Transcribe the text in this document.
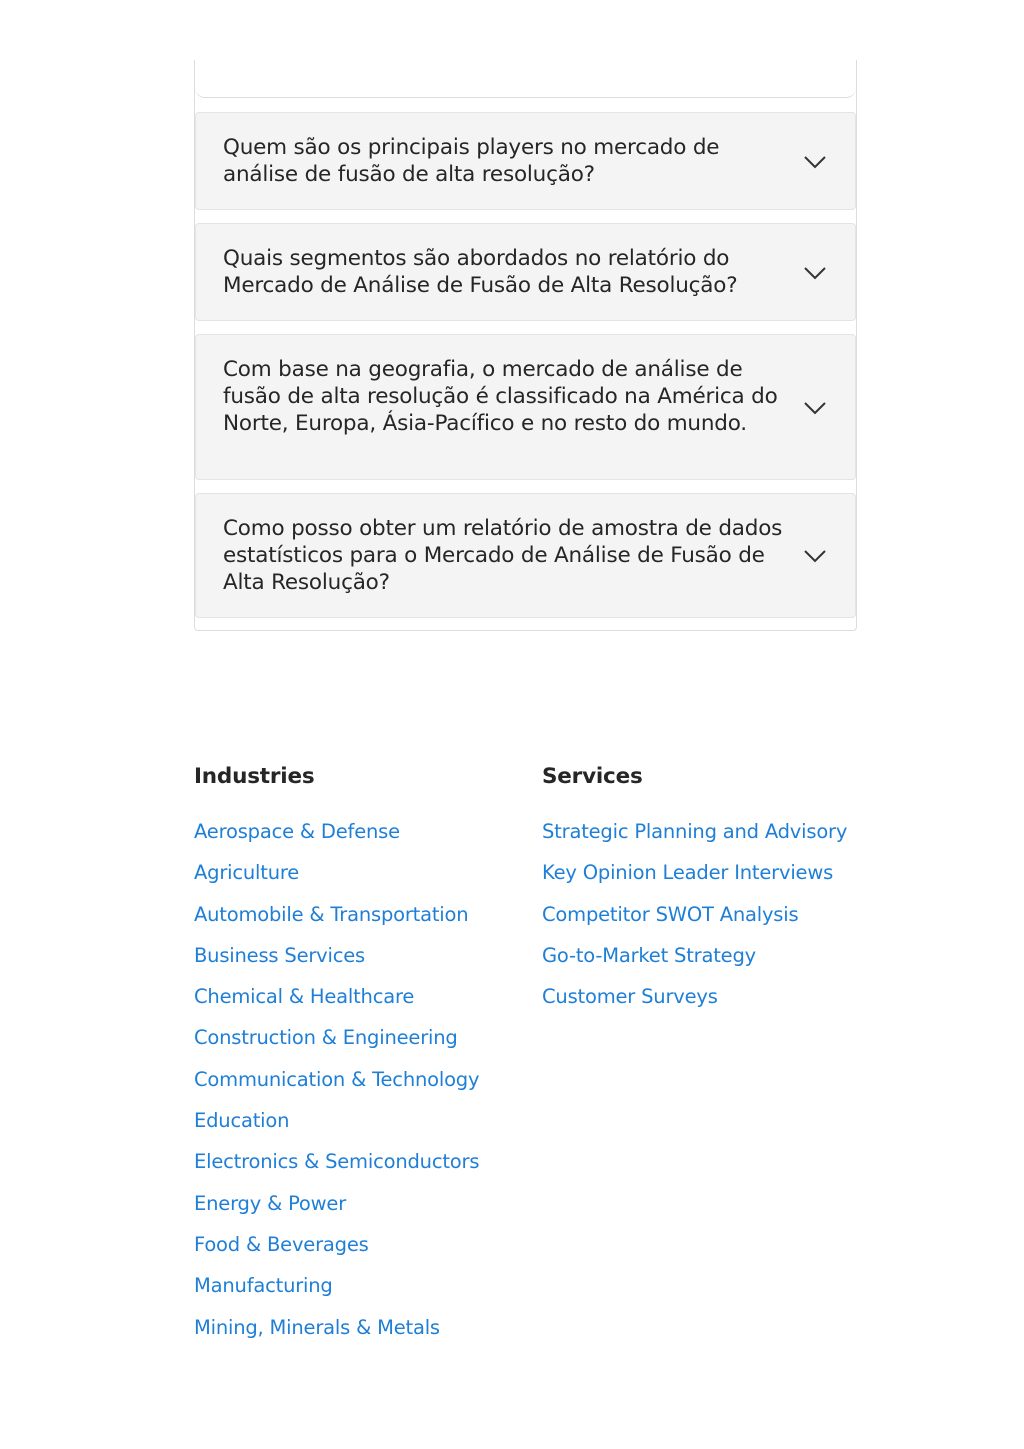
Quem são os principais players no mercado de análise de fusão de alta resolução?
Quais segmentos são abordados no relatório do Mercado de Análise de Fusão de Alta Resolução?
Com base na geografia, o mercado de análise de fusão de alta resolução é classificado na América do Norte, Europa, Ásia-Pacífico e no resto do mundo.
Como posso obter um relatório de amostra de dados estatísticos para o Mercado de Análise de Fusão de Alta Resolução?
Industries
Aerospace & Defense
Agriculture
Automobile & Transportation
Business Services
Chemical & Healthcare
Construction & Engineering
Communication & Technology
Education
Electronics & Semiconductors
Energy & Power
Food & Beverages
Manufacturing
Mining, Minerals & Metals
Services
Strategic Planning and Advisory
Key Opinion Leader Interviews
Competitor SWOT Analysis
Go-to-Market Strategy
Customer Surveys
